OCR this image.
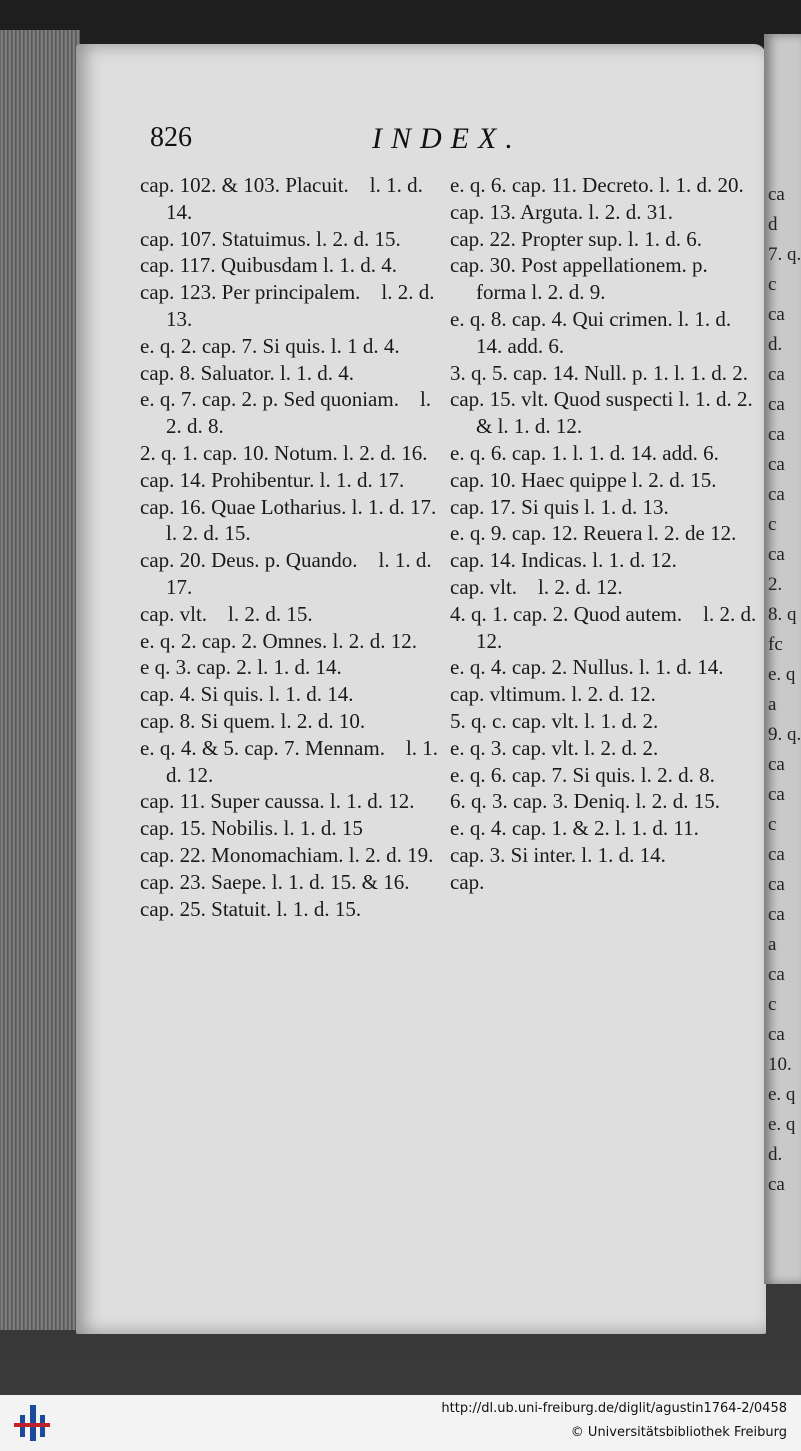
ca
d
7. q.
c
ca
d.
ca
ca
ca
ca
ca
c
ca
2.
8. q
fc
e. q
a
9. q.
ca
ca
c
ca
ca
ca
a
ca
c
ca
10.
e. q
e. q
d.
ca
826	INDEX.
cap. 102. & 103. Placuit.    l. 1. d. 14.
cap. 107. Statuimus. l. 2. d. 15.
cap. 117. Quibusdam l. 1. d. 4.
cap. 123. Per principalem.    l. 2. d. 13.
e. q. 2. cap. 7. Si quis. l. 1 d. 4.
cap. 8. Saluator. l. 1. d. 4.
e. q. 7. cap. 2. p. Sed quoniam.    l. 2. d. 8.
2. q. 1. cap. 10. Notum. l. 2. d. 16.
cap. 14. Prohibentur. l. 1. d. 17.
cap. 16. Quae Lotharius. l. 1. d. 17. l. 2. d. 15.
cap. 20. Deus. p. Quando.    l. 1. d. 17.
cap. vlt.    l. 2. d. 15.
e. q. 2. cap. 2. Omnes. l. 2. d. 12.
e q. 3. cap. 2. l. 1. d. 14.
cap. 4. Si quis. l. 1. d. 14.
cap. 8. Si quem. l. 2. d. 10.
e. q. 4. & 5. cap. 7. Mennam.    l. 1. d. 12.
cap. 11. Super caussa. l. 1. d. 12.
cap. 15. Nobilis. l. 1. d. 15
cap. 22. Monomachiam. l. 2. d. 19.
cap. 23. Saepe. l. 1. d. 15. & 16.
cap. 25. Statuit. l. 1. d. 15.
e. q. 6. cap. 11. Decreto. l. 1. d. 20.
cap. 13. Arguta. l. 2. d. 31.
cap. 22. Propter sup. l. 1. d. 6.
cap. 30. Post appellationem. p. forma l. 2. d. 9.
e. q. 8. cap. 4. Qui crimen. l. 1. d. 14. add. 6.
3. q. 5. cap. 14. Null. p. 1. l. 1. d. 2.
cap. 15. vlt. Quod suspecti l. 1. d. 2. & l. 1. d. 12.
e. q. 6. cap. 1. l. 1. d. 14. add. 6.
cap. 10. Haec quippe l. 2. d. 15.
cap. 17. Si quis l. 1. d. 13.
e. q. 9. cap. 12. Reuera l. 2. de 12.
cap. 14. Indicas. l. 1. d. 12.
cap. vlt.    l. 2. d. 12.
4. q. 1. cap. 2. Quod autem.    l. 2. d. 12.
e. q. 4. cap. 2. Nullus. l. 1. d. 14.
cap. vltimum. l. 2. d. 12.
5. q. c. cap. vlt. l. 1. d. 2.
e. q. 3. cap. vlt. l. 2. d. 2.
e. q. 6. cap. 7. Si quis. l. 2. d. 8.
6. q. 3. cap. 3. Deniq. l. 2. d. 15.
e. q. 4. cap. 1. & 2. l. 1. d. 11.
cap. 3. Si inter. l. 1. d. 14.
cap.
http://dl.ub.uni-freiburg.de/diglit/agustin1764-2/0458
© Universitätsbibliothek Freiburg
